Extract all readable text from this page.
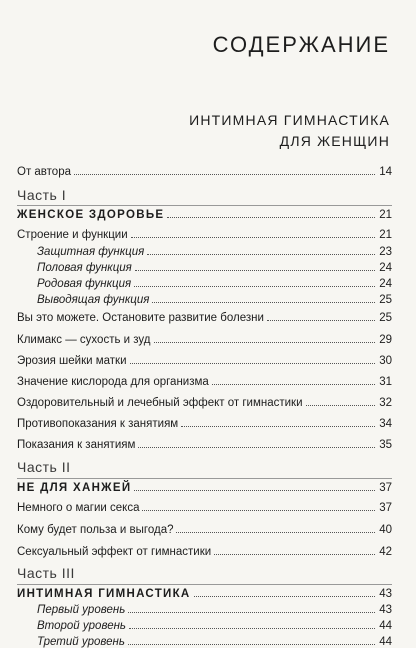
СОДЕРЖАНИЕ
ИНТИМНАЯ ГИМНАСТИКА
ДЛЯ ЖЕНЩИН
От автора	14
Часть I
ЖЕНСКОЕ ЗДОРОВЬЕ	21
Строение и функции	21
Защитная функция	23
Половая функция	24
Родовая функция	24
Выводящая функция	25
Вы это можете. Остановите развитие болезни	25
Климакс — сухость и зуд	29
Эрозия шейки матки	30
Значение кислорода для организма	31
Оздоровительный и лечебный эффект от гимнастики	32
Противопоказания к занятиям	34
Показания к занятиям	35
Часть II
НЕ ДЛЯ ХАНЖЕЙ	37
Немного о магии секса	37
Кому будет польза и выгода?	40
Сексуальный эффект от гимнастики	42
Часть III
ИНТИМНАЯ ГИМНАСТИКА	43
Первый уровень	43
Второй уровень	44
Третий уровень	44
